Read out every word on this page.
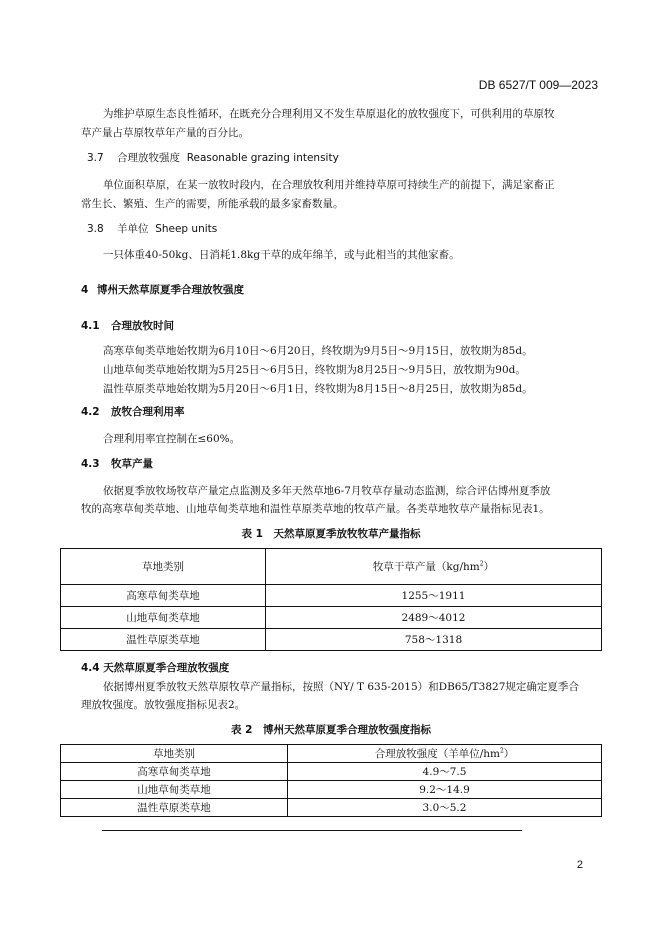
DB 6527/T 009—2023
为维护草原生态良性循环，在既充分合理利用又不发生草原退化的放牧强度下，可供利用的草原牧
草产量占草原牧草年产量的百分比。
3.7 合理放牧强度 Reasonable grazing intensity
单位面积草原，在某一放牧时段内，在合理放牧利用并维持草原可持续生产的前提下，满足家畜正
常生长、繁殖、生产的需要，所能承载的最多家畜数量。
3.8 羊单位 Sheep units
一只体重40-50kg、日消耗1.8kg干草的成年绵羊，或与此相当的其他家畜。
4 博州天然草原夏季合理放牧强度
4.1 合理放牧时间
高寒草甸类草地始牧期为6月10日～6月20日，终牧期为9月5日～9月15日，放牧期为85d。
山地草甸类草地始牧期为5月25日～6月5日，终牧期为8月25日～9月5日，放牧期为90d。
温性草原类草地始牧期为5月20日～6月1日，终牧期为8月15日～8月25日，放牧期为85d。
4.2 放牧合理利用率
合理利用率宜控制在≤60%。
4.3 牧草产量
依据夏季放牧场牧草产量定点监测及多年天然草地6-7月牧草存量动态监测，综合评估博州夏季放
牧的高寒草甸类草地、山地草甸类草地和温性草原类草地的牧草产量。各类草地牧草产量指标见表1。
表 1　天然草原夏季放牧牧草产量指标
草地类别	牧草干草产量$(kg/hm^2)$
高寒草甸类草地	1255～1911
山地草甸类草地	2489～4012
温性草原类草地	758～1318
4.4 天然草原夏季合理放牧强度
依据博州夏季放牧天然草原牧草产量指标，按照（NY/ T 635-2015）和DB65/T3827规定确定夏季合
理放牧强度。放牧强度指标见表2。
表 2　博州天然草原夏季合理放牧强度指标
草地类别	合理放牧强度（羊单位$/hm^2$）
高寒草甸类草地	4.9～7.5
山地草甸类草地	9.2～14.9
温性草原类草地	3.0～5.2
2
